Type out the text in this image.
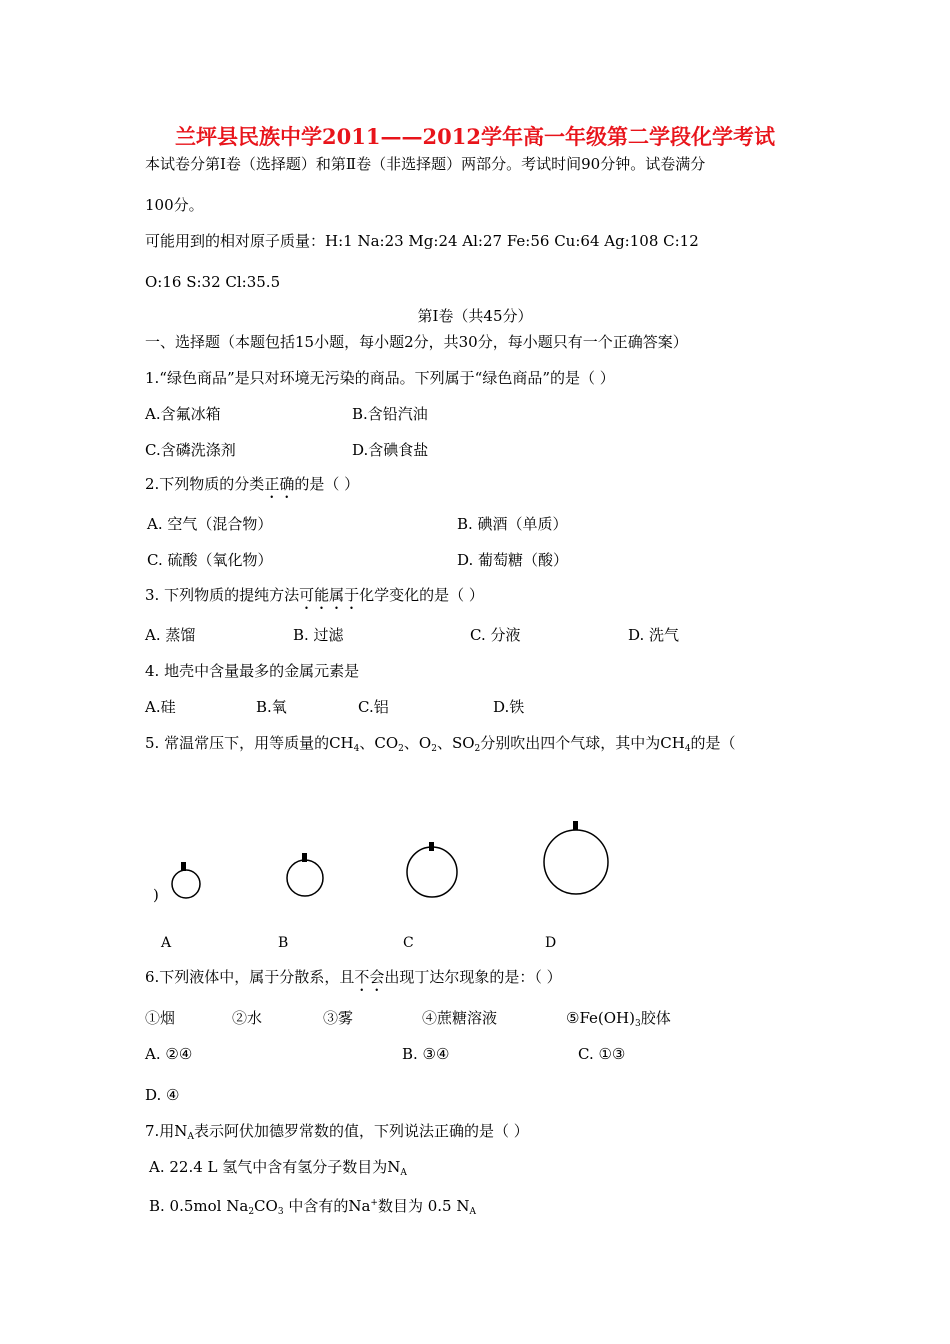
兰坪县民族中学2011——2012学年高一年级第二学段化学考试
本试卷分第Ⅰ卷（选择题）和第Ⅱ卷（非选择题）两部分。考试时间90分钟。试卷满分
100分。
可能用到的相对原子质量：H:1 Na:23 Mg:24 Al:27 Fe:56 Cu:64 Ag:108 C:12
O:16 S:32 Cl:35.5
第Ⅰ卷（共45分）
一、选择题（本题包括15小题，每小题2分，共30分，每小题只有一个正确答案）
1.“绿色商品”是只对环境无污染的商品。下列属于“绿色商品”的是（ ）
A.含氟冰箱	B.含铅汽油
C.含磷洗涤剂	D.含碘食盐
2.下列物质的分类正确的是（ ）
A. 空气（混合物）	B. 碘酒（单质）
C. 硫酸（氧化物）	D. 葡萄糖（酸）
3. 下列物质的提纯方法可能属于化学变化的是（ ）
A. 蒸馏	B. 过滤	C. 分液	D. 洗气
4. 地壳中含量最多的金属元素是
A.硅	B.氧	C.铝	D.铁
5. 常温常压下，用等质量的$CH_4$、$CO_2$、$O_2$、$SO_2$分别吹出四个气球，其中为$CH_4$的是（
)
A	B	C	D
6.下列液体中，属于分散系，且不会出现丁达尔现象的是：（ ）
①烟	②水	③雾	④蔗糖溶液	$⑤Fe(OH)_3$胶体
A. ②④	B. ③④	C. ①③
D. ④
7.用$N_A$表示阿伏加德罗常数的值，下列说法正确的是（ ）
A. 22.4 L 氢气中含有氢分子数目为$N_A$
B. 0.5mol $Na_2CO_3$ 中含有的Na+数目为 0.5 $N_A$
